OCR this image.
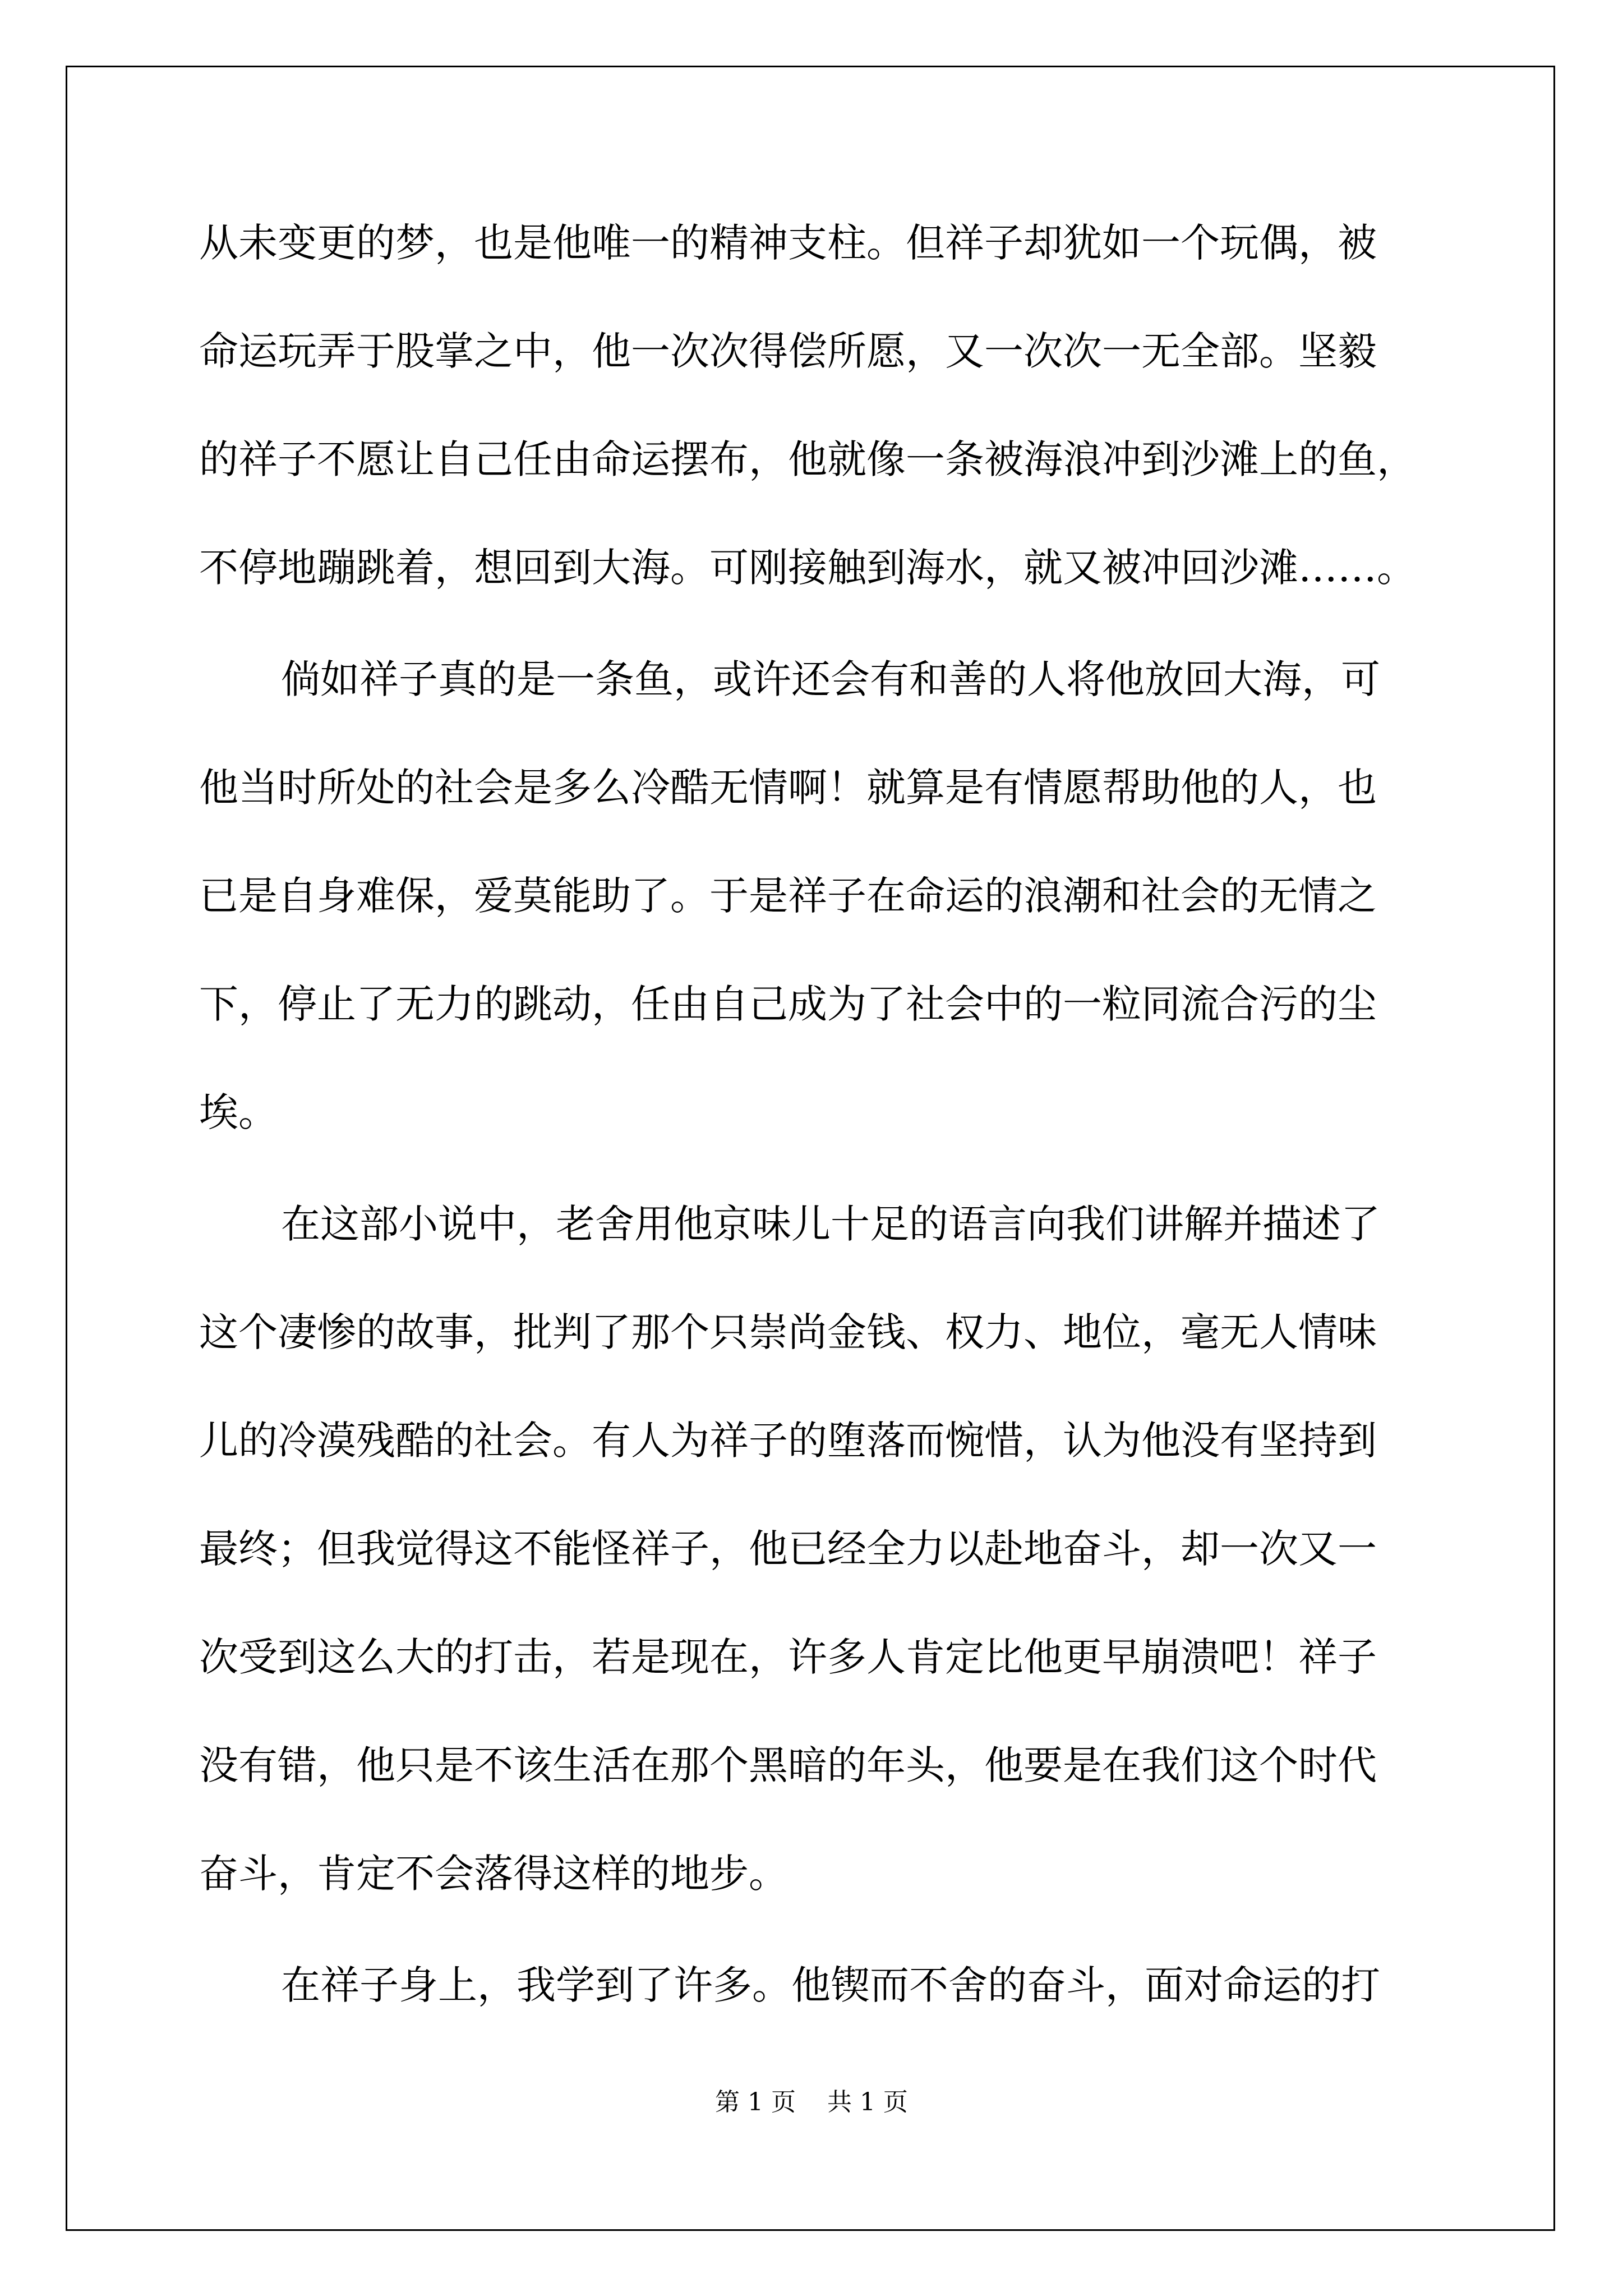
从未变更的梦，也是他唯一的精神支柱。但祥子却犹如一个玩偶，被
命运玩弄于股掌之中，他一次次得偿所愿，又一次次一无全部。坚毅
的祥子不愿让自己任由命运摆布，他就像一条被海浪冲到沙滩上的鱼，
不停地蹦跳着，想回到大海。可刚接触到海水，就又被冲回沙滩……。
倘如祥子真的是一条鱼，或许还会有和善的人将他放回大海，可
他当时所处的社会是多么冷酷无情啊！就算是有情愿帮助他的人，也
已是自身难保，爱莫能助了。于是祥子在命运的浪潮和社会的无情之
下，停止了无力的跳动，任由自己成为了社会中的一粒同流合污的尘
埃。
在这部小说中，老舍用他京味儿十足的语言向我们讲解并描述了
这个凄惨的故事，批判了那个只崇尚金钱、权力、地位，毫无人情味
儿的冷漠残酷的社会。有人为祥子的堕落而惋惜，认为他没有坚持到
最终；但我觉得这不能怪祥子，他已经全力以赴地奋斗，却一次又一
次受到这么大的打击，若是现在，许多人肯定比他更早崩溃吧！祥子
没有错，他只是不该生活在那个黑暗的年头，他要是在我们这个时代
奋斗，肯定不会落得这样的地步。
在祥子身上，我学到了许多。他锲而不舍的奋斗，面对命运的打
第 1 页    共 1 页
